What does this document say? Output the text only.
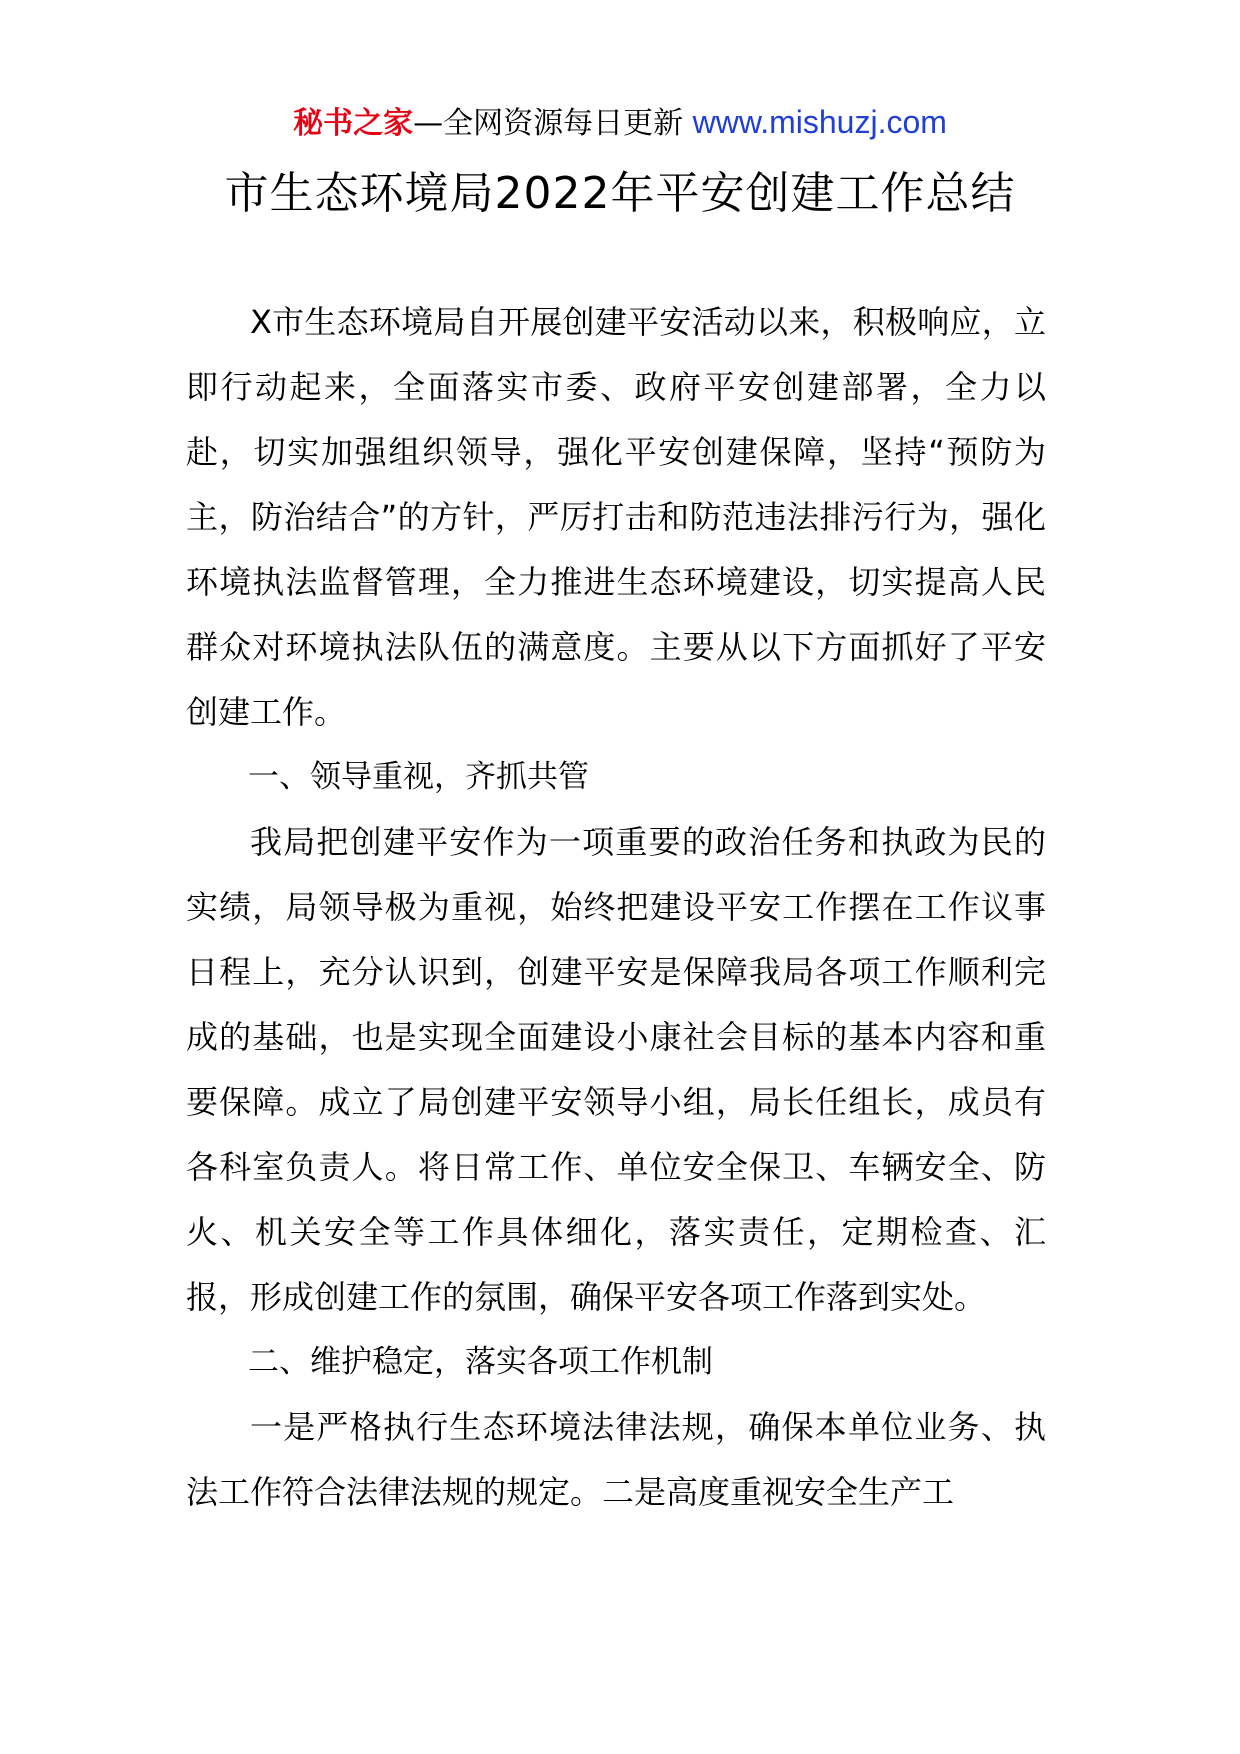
秘书之家—全网资源每日更新 www.mishuzj.com
市生态环境局2022年平安创建工作总结

X市生态环境局自开展创建平安活动以来，积极响应，立即行动起来，全面落实市委、政府平安创建部署，全力以赴，切实加强组织领导，强化平安创建保障，坚持“预防为主，防治结合”的方针，严厉打击和防范违法排污行为，强化环境执法监督管理，全力推进生态环境建设，切实提高人民群众对环境执法队伍的满意度。主要从以下方面抓好了平安创建工作。

一、领导重视，齐抓共管

我局把创建平安作为一项重要的政治任务和执政为民的实绩，局领导极为重视，始终把建设平安工作摆在工作议事日程上，充分认识到，创建平安是保障我局各项工作顺利完成的基础，也是实现全面建设小康社会目标的基本内容和重要保障。成立了局创建平安领导小组，局长任组长，成员有各科室负责人。将日常工作、单位安全保卫、车辆安全、防火、机关安全等工作具体细化，落实责任，定期检查、汇报，形成创建工作的氛围，确保平安各项工作落到实处。

二、维护稳定，落实各项工作机制

一是严格执行生态环境法律法规，确保本单位业务、执法工作符合法律法规的规定。二是高度重视安全生产工
